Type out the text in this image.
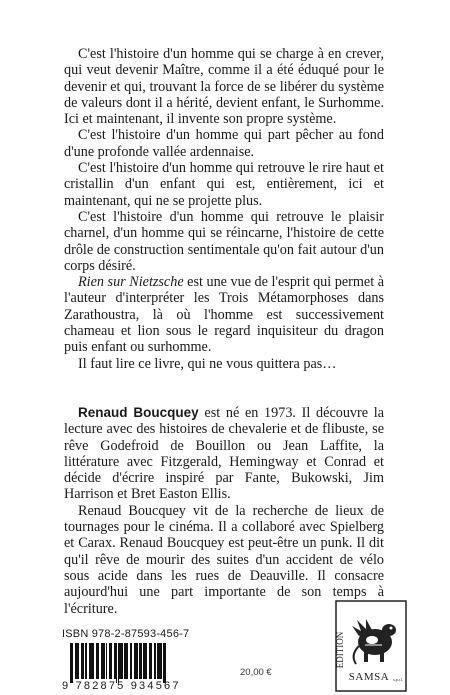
C'est l'histoire d'un homme qui se charge à en crever, qui veut devenir Maître, comme il a été éduqué pour le devenir et qui, trouvant la force de se libérer du système de valeurs dont il a hérité, devient enfant, le Surhomme. Ici et maintenant, il invente son propre système.

C'est l'histoire d'un homme qui part pêcher au fond d'une profonde vallée ardennaise.

C'est l'histoire d'un homme qui retrouve le rire haut et cristallin d'un enfant qui est, entièrement, ici et maintenant, qui ne se projette plus.

C'est l'histoire d'un homme qui retrouve le plaisir charnel, d'un homme qui se réincarne, l'histoire de cette drôle de construction sentimentale qu'on fait autour d'un corps désiré.

Rien sur Nietzsche est une vue de l'esprit qui permet à l'auteur d'interpréter les Trois Métamorphoses dans Zarathoustra, là où l'homme est successivement chameau et lion sous le regard inquisiteur du dragon puis enfant ou surhomme.

Il faut lire ce livre, qui ne vous quittera pas…

Renaud Boucquey est né en 1973. Il découvre la lecture avec des histoires de chevalerie et de flibuste, se rêve Godefroid de Bouillon ou Jean Laffite, la littérature avec Fitzgerald, Hemingway et Conrad et décide d'écrire inspiré par Fante, Bukowski, Jim Harrison et Bret Easton Ellis.

Renaud Boucquey vit de la recherche de lieux de tournages pour le cinéma. Il a collaboré avec Spielberg et Carax. Renaud Boucquey est peut-être un punk. Il dit qu'il rêve de mourir des suites d'un accident de vélo sous acide dans les rues de Deauville. Il consacre aujourd'hui une part importante de son temps à l'écriture.

ISBN 978-2-87593-456-7
9 782875 934567
20,00 €
EDITION
SAMSA s.p.r.l.
